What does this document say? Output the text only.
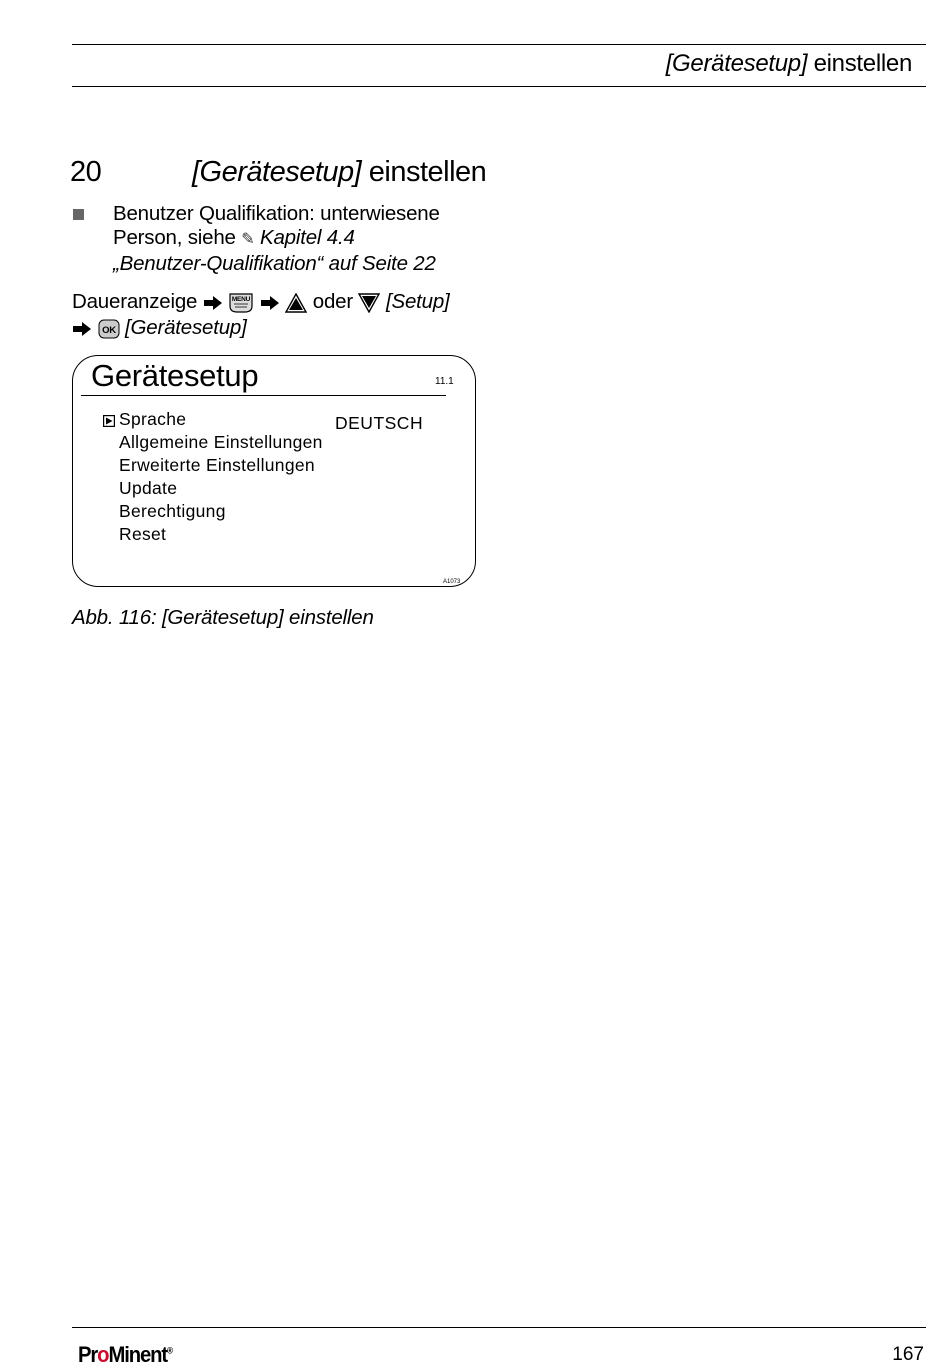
[Gerätesetup] einstellen
20	[Gerätesetup] einstellen
Benutzer Qualifikation: unterwiesene
Person, siehe ✎ Kapitel 4.4
„Benutzer-Qualifikation“ auf Seite 22
Daueranzeige	MENU	oder [Setup]

OK [Gerätesetup]
Gerätesetup	11.1
Sprache
Allgemeine Einstellungen
Erweiterte Einstellungen
Update
Berechtigung
Reset
DEUTSCH
A1073
Abb. 116: [Gerätesetup] einstellen
ProMinent®	167
